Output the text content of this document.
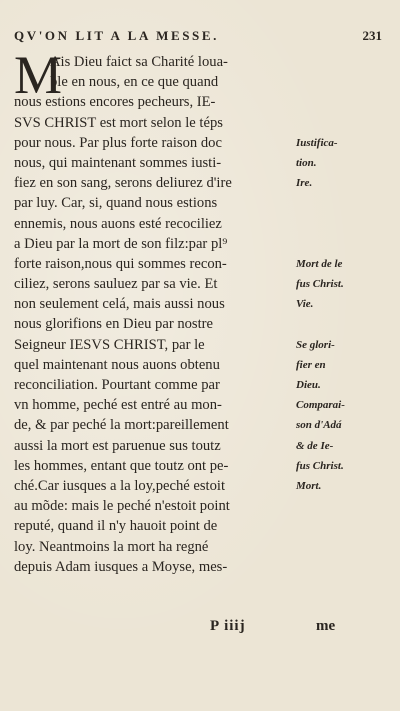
QV'ON LIT A LA MESSE.	231
M
Ais Dieu faict sa Charité loua-
ble en nous, en ce que quand
nous estions encores pecheurs, IE-
SVS CHRIST est mort selon le téps
pour nous. Par plus forte raison doc
nous, qui maintenant sommes iusti-
fiez en son sang, serons deliurez d'ire
par luy. Car, si, quand nous estions
ennemis, nous auons esté recociliez
a Dieu par la mort de son filz:par pl⁹
forte raison,nous qui sommes recon-
ciliez, serons sauluez par sa vie. Et
non seulement celá, mais aussi nous
nous glorifions en Dieu par nostre
Seigneur IESVS CHRIST, par le
quel maintenant nous auons obtenu
reconciliation. Pourtant comme par
vn homme, peché est entré au mon-
de, & par peché la mort:pareillement
aussi la mort est paruenue sus toutz
les hommes, entant que toutz ont pe-
ché.Car iusques a la loy,peché estoit
au mõde: mais le peché n'estoit point
reputé, quand il n'y hauoit point de
loy. Neantmoins la mort ha regné
depuis Adam iusques a Moyse, mes-
Iustifica-
tion.
Ire.
Mort de le
fus Christ.
Vie.
Se glori-
fier en
Dieu.
Comparai-
son d'Adá
& de Ie-
fus Christ.
Mort.
P iiij	me
